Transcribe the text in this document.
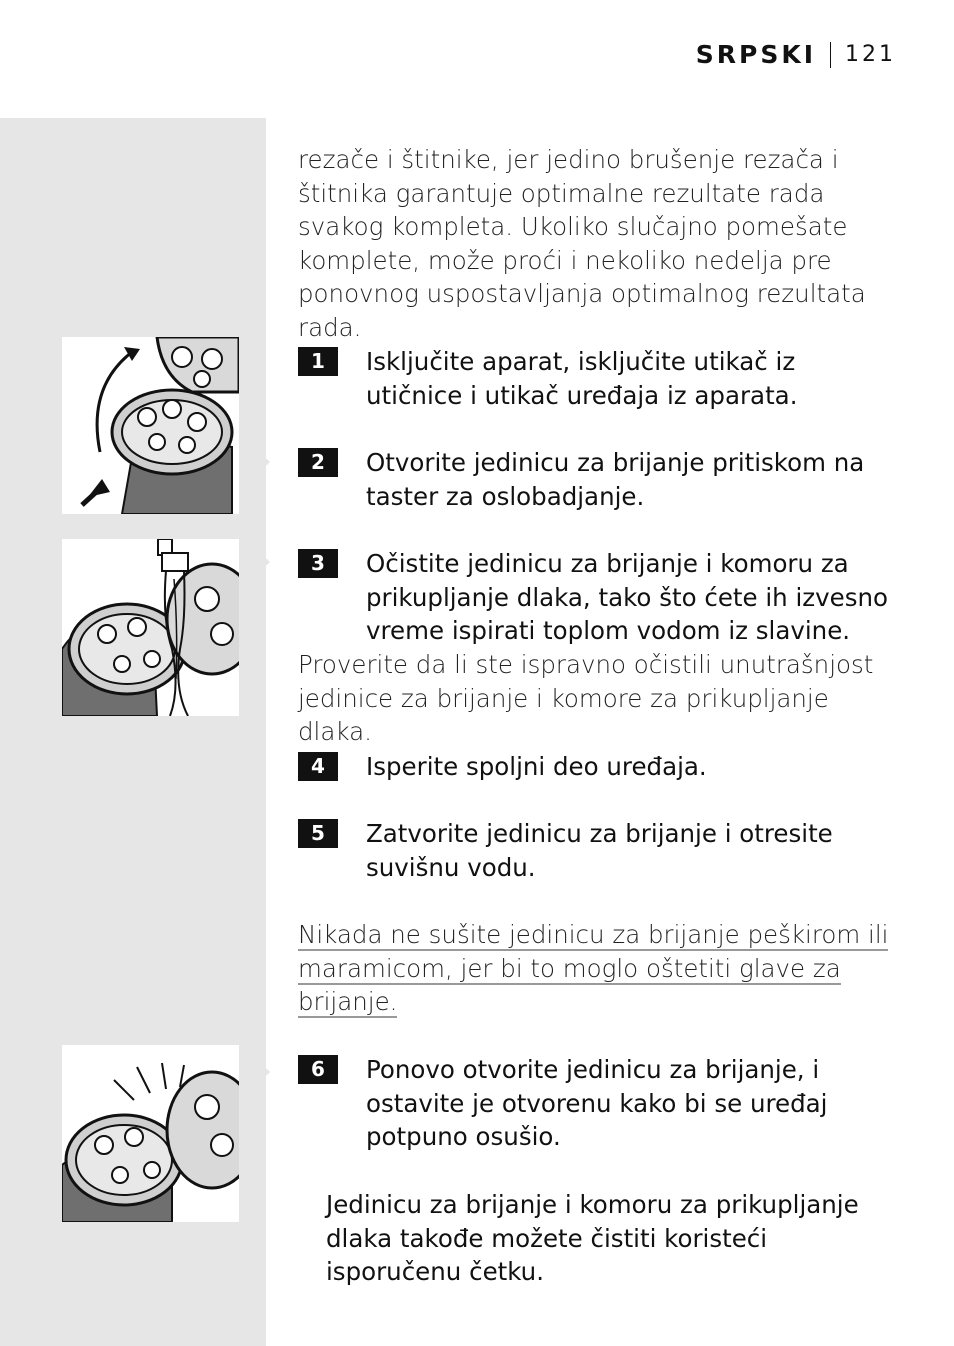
SRPSKI 121
rezače i štitnike, jer jedino brušenje rezača i štitnika garantuje optimalne rezultate rada svakog kompleta. Ukoliko slučajno pomešate komplete, može proći i nekoliko nedelja pre ponovnog uspostavljanja optimalnog rezultata rada.
1	Isključite aparat, isključite utikač iz utičnice i utikač uređaja iz aparata.
2	Otvorite jedinicu za brijanje pritiskom na taster za oslobadjanje.
3	Očistite jedinicu za brijanje i komoru za prikupljanje dlaka, tako što ćete ih izvesno vreme ispirati toplom vodom iz slavine.
Proverite da li ste ispravno očistili unutrašnjost jedinice za brijanje i komore za prikupljanje dlaka.
4	Isperite spoljni deo uređaja.
5	Zatvorite jedinicu za brijanje i otresite suvišnu vodu.
Nikada ne sušite jedinicu za brijanje peškirom ili
maramicom, jer bi to moglo oštetiti glave za
brijanje.
6	Ponovo otvorite jedinicu za brijanje, i ostavite je otvorenu kako bi se uređaj potpuno osušio.
Jedinicu za brijanje i komoru za prikupljanje dlaka takođe možete čistiti koristeći isporučenu četku.
